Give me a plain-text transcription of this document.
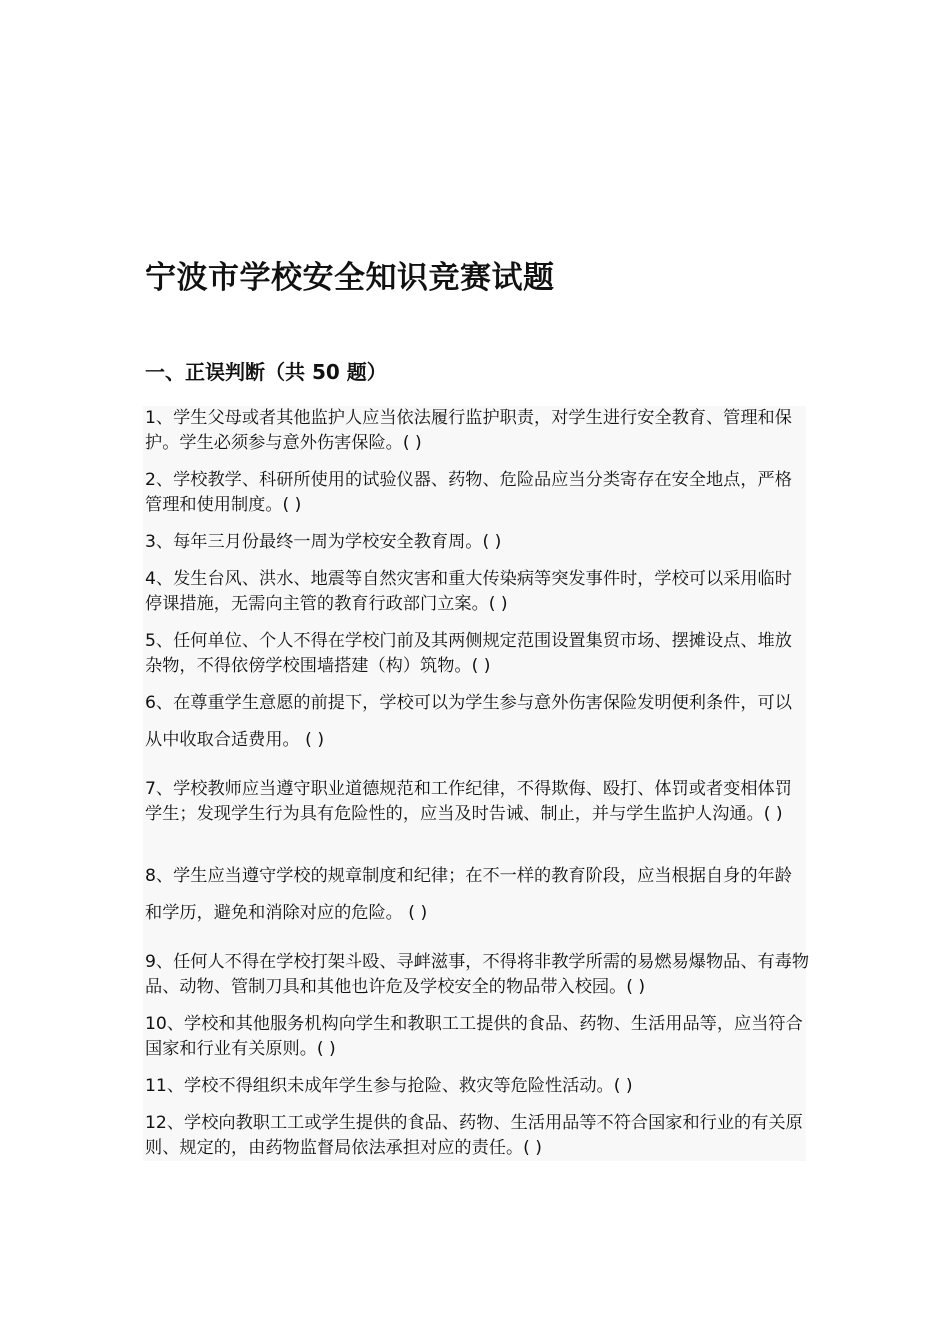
宁波市学校安全知识竞赛试题
一、正误判断（共 50 题）

1、学生父母或者其他监护人应当依法履行监护职责，对学生进行安全教育、管理和保护。学生必须参与意外伤害保险。( )

2、学校教学、科研所使用的试验仪器、药物、危险品应当分类寄存在安全地点，严格管理和使用制度。( )

3、每年三月份最终一周为学校安全教育周。( )

4、发生台风、洪水、地震等自然灾害和重大传染病等突发事件时，学校可以采用临时停课措施，无需向主管的教育行政部门立案。( )

5、任何单位、个人不得在学校门前及其两侧规定范围设置集贸市场、摆摊设点、堆放杂物，不得依傍学校围墙搭建（构）筑物。( )

6、在尊重学生意愿的前提下，学校可以为学生参与意外伤害保险发明便利条件，可以从中收取合适费用。 ( )

7、学校教师应当遵守职业道德规范和工作纪律，不得欺侮、殴打、体罚或者变相体罚学生；发现学生行为具有危险性的，应当及时告诫、制止，并与学生监护人沟通。( )

8、学生应当遵守学校的规章制度和纪律；在不一样的教育阶段，应当根据自身的年龄和学历，避免和消除对应的危险。 ( )

9、任何人不得在学校打架斗殴、寻衅滋事，不得将非教学所需的易燃易爆物品、有毒物品、动物、管制刀具和其他也许危及学校安全的物品带入校园。( )

10、学校和其他服务机构向学生和教职工工提供的食品、药物、生活用品等，应当符合国家和行业有关原则。( )

11、学校不得组织未成年学生参与抢险、救灾等危险性活动。( )

12、学校向教职工工或学生提供的食品、药物、生活用品等不符合国家和行业的有关原则、规定的，由药物监督局依法承担对应的责任。( )
